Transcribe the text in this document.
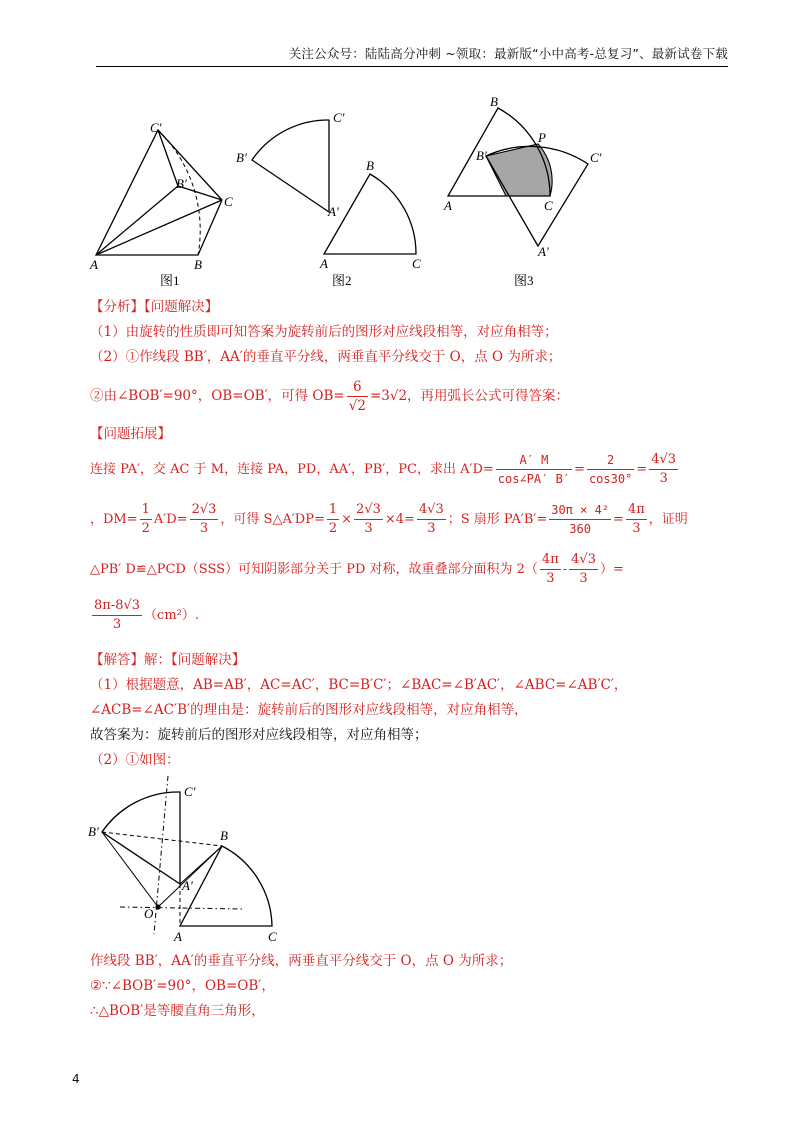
关注公众号：陆陆高分冲刺 ~领取：最新版“小中高考-总复习”、最新试卷下载
C′
B′
C
A	B
图1
C′
B′
A′
B
A	C
图2
B
P
B′	C′
A	C
A′
图3
【分析】【问题解决】
（1）由旋转的性质即可知答案为旋转前后的图形对应线段相等，对应角相等；
（2）①作线段 BB′，AA′的垂直平分线，两垂直平分线交于 O，点 O 为所求；
②由∠BOB′=90°，OB=OB′，可得 $OB= \frac{6}{√2} =3√2$，再用弧长公式可得答案：
【问题拓展】
连接 PA′，交 AC 于 M，连接 PA，PD，AA′，PB′，PC，求出 $A'D= \frac{A' M}{\cos\angle PA' B'} = \frac{2}{\cos 30^\circ} = \frac{4√3}{3}$
，$DM= \frac{1}{2} A'D= \frac{2√3}{3}$ ，可得 S△A′DP= $\frac{1}{2} \times \frac{2√3}{3} \times 4= \frac{4√3}{3}$ ；S 扇形 $PA'B'= \frac{\text{30π × 4²}}{360} = \frac{4\pi}{3}$ ，证明
△PB′ D≌△PCD（SSS）可知阴影部分关于 PD 对称，故重叠部分面积为 $2( \frac{4\pi}{3} - \frac{4√3}{3}$ ）=
$\frac{8\pi-8√3}{3} (cm^2)$.
【解答】解：【问题解决】
（1）根据题意，AB=AB′，AC=AC′，BC=B′C′；∠BAC=∠B′AC′，∠ABC=∠AB′C′，
∠ACB=∠AC′B′的理由是：旋转前后的图形对应线段相等，对应角相等，
故答案为：旋转前后的图形对应线段相等，对应角相等；
（2）①如图：
C′
B′	B
A′
O
A	C
作线段 BB′，AA′的垂直平分线，两垂直平分线交于 O，点 O 为所求；
②∵∠BOB′=90°，OB=OB′，
∴△BOB′是等腰直角三角形，
4
